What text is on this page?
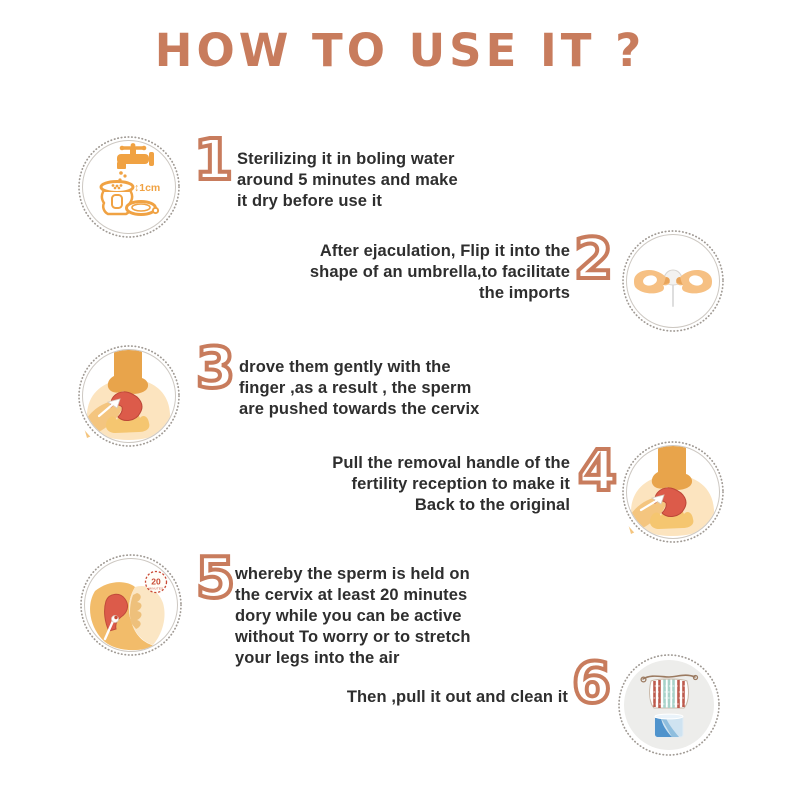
HOW TO USE IT ?
↕1cm 1 Sterilizing it in boling water
around 5 minutes and make
it dry before use it
After ejaculation, Flip it into the
shape of an umbrella,to facilitate
the imports
2
3 drove them gently with the
finger ,as a result , the sperm
are pushed towards the cervix
Pull the removal handle of the
fertility reception to make it
Back to the original
4
20
MINUTES 5 whereby the sperm is held on
the cervix at least 20 minutes
dory while you can be active
without To worry or to stretch
your legs into the air
Then ,pull it out and clean it 6
